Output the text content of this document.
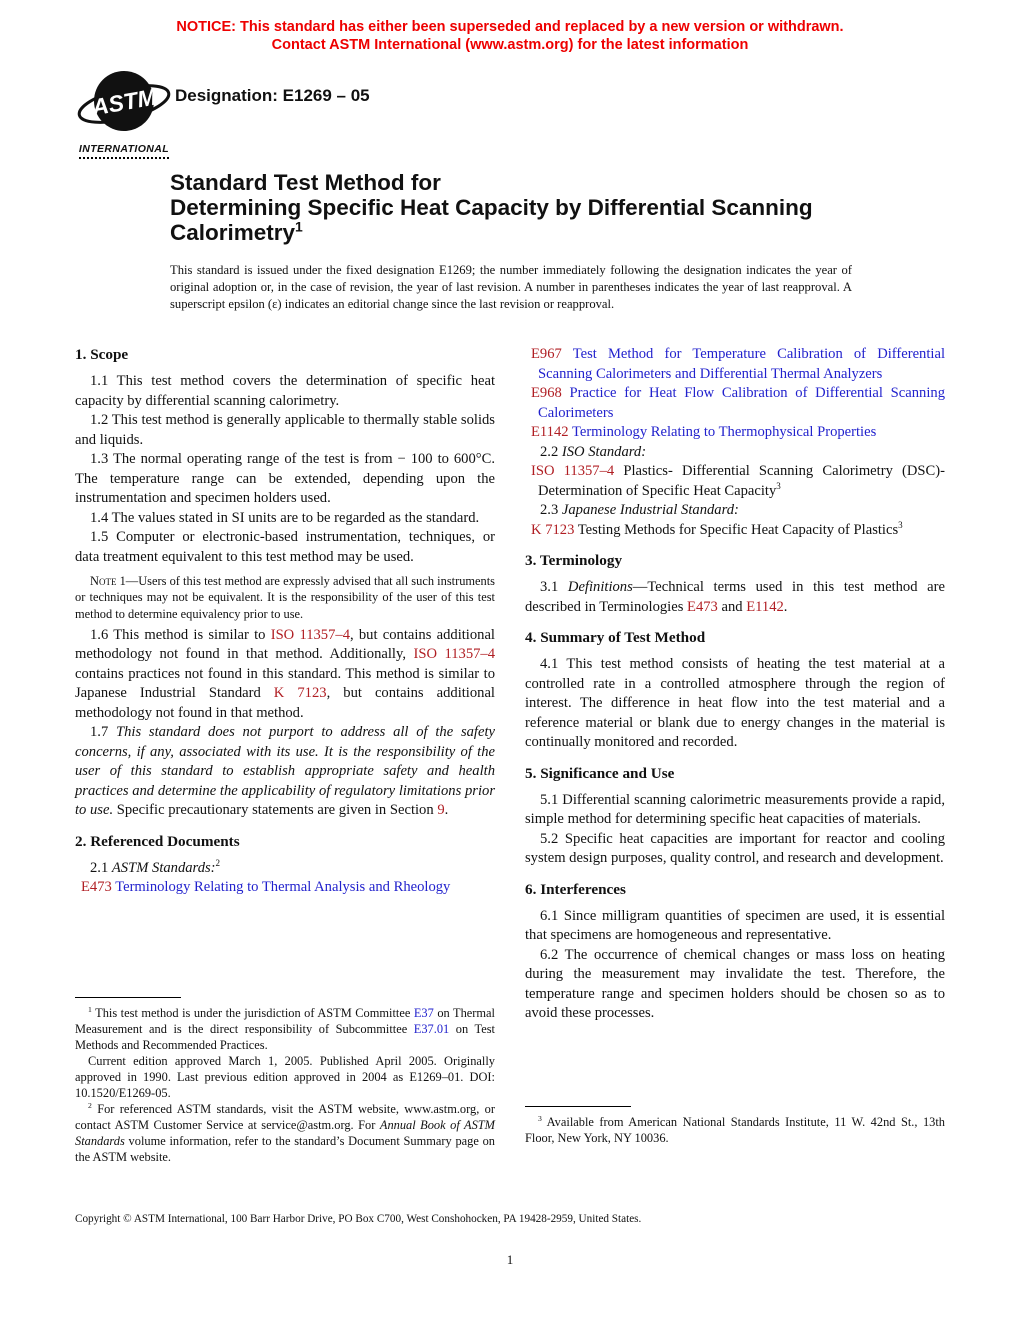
NOTICE: This standard has either been superseded and replaced by a new version or withdrawn.
Contact ASTM International (www.astm.org) for the latest information
ASTM
INTERNATIONAL
Designation: E1269 – 05
Standard Test Method for
Determining Specific Heat Capacity by Differential Scanning
Calorimetry$^1$
This standard is issued under the fixed designation E1269; the number immediately following the designation indicates the year of original adoption or, in the case of revision, the year of last revision. A number in parentheses indicates the year of last reapproval. A superscript epsilon (ε) indicates an editorial change since the last revision or reapproval.
1. Scope
1.1 This test method covers the determination of specific heat capacity by differential scanning calorimetry.
1.2 This test method is generally applicable to thermally stable solids and liquids.
1.3 The normal operating range of the test is from − 100 to 600°C. The temperature range can be extended, depending upon the instrumentation and specimen holders used.
1.4 The values stated in SI units are to be regarded as the standard.
1.5 Computer or electronic-based instrumentation, techniques, or data treatment equivalent to this test method may be used.
Note 1—Users of this test method are expressly advised that all such instruments or techniques may not be equivalent. It is the responsibility of the user of this test method to determine equivalency prior to use.
1.6 This method is similar to ISO 11357–4, but contains additional methodology not found in that method. Additionally, ISO 11357–4 contains practices not found in this standard. This method is similar to Japanese Industrial Standard K 7123, but contains additional methodology not found in that method.
1.7 This standard does not purport to address all of the safety concerns, if any, associated with its use. It is the responsibility of the user of this standard to establish appropriate safety and health practices and determine the applicability of regulatory limitations prior to use. Specific precautionary statements are given in Section 9.
2. Referenced Documents
2.1 ASTM Standards:$^2$
E473 Terminology Relating to Thermal Analysis and Rheology
E967 Test Method for Temperature Calibration of Differential Scanning Calorimeters and Differential Thermal Analyzers
E968 Practice for Heat Flow Calibration of Differential Scanning Calorimeters
E1142 Terminology Relating to Thermophysical Properties
2.2 ISO Standard:
ISO 11357–4 Plastics- Differential Scanning Calorimetry (DSC)- Determination of Specific Heat Capacity$^3$
2.3 Japanese Industrial Standard:
K 7123 Testing Methods for Specific Heat Capacity of Plastics$^3$
3. Terminology
3.1 Definitions—Technical terms used in this test method are described in Terminologies E473 and E1142.
4. Summary of Test Method
4.1 This test method consists of heating the test material at a controlled rate in a controlled atmosphere through the region of interest. The difference in heat flow into the test material and a reference material or blank due to energy changes in the material is continually monitored and recorded.
5. Significance and Use
5.1 Differential scanning calorimetric measurements provide a rapid, simple method for determining specific heat capacities of materials.
5.2 Specific heat capacities are important for reactor and cooling system design purposes, quality control, and research and development.
6. Interferences
6.1 Since milligram quantities of specimen are used, it is essential that specimens are homogeneous and representative.
6.2 The occurrence of chemical changes or mass loss on heating during the measurement may invalidate the test. Therefore, the temperature range and specimen holders should be chosen so as to avoid these processes.
$^1$ This test method is under the jurisdiction of ASTM Committee E37 on Thermal Measurement and is the direct responsibility of Subcommittee E37.01 on Test Methods and Recommended Practices.
Current edition approved March 1, 2005. Published April 2005. Originally approved in 1990. Last previous edition approved in 2004 as E1269–01. DOI: 10.1520/E1269-05.
$^2$ For referenced ASTM standards, visit the ASTM website, www.astm.org, or contact ASTM Customer Service at service@astm.org. For Annual Book of ASTM Standards volume information, refer to the standard’s Document Summary page on the ASTM website.
$^3$ Available from American National Standards Institute, 11 W. 42nd St., 13th Floor, New York, NY 10036.
Copyright © ASTM International, 100 Barr Harbor Drive, PO Box C700, West Conshohocken, PA 19428-2959, United States.
1
